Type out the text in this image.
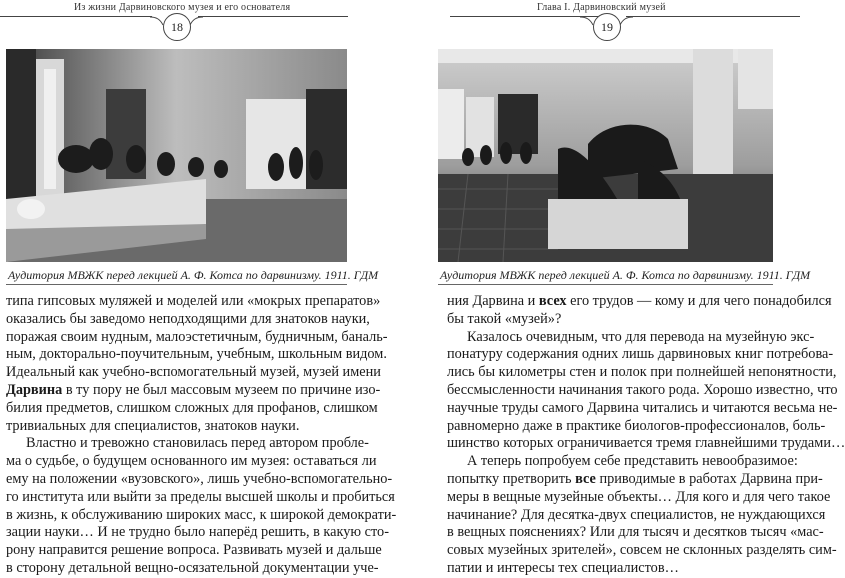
Из жизни Дарвиновского музея и его основателя
18
Аудитория МВЖК перед лекцией А. Ф. Котса по дарвинизму. 1911. ГДМ
типа гипсовых муляжей и моделей или «мокрых препаратов»
оказались бы заведомо неподходящими для знатоков науки,
поражая своим нудным, малоэстетичным, будничным, баналь-
ным, докторально-поучительным, учебным, школьным видом.
Идеальный как учебно-вспомогательный музей, музей имени
Дарвина в ту пору не был массовым музеем по причине изо-
билия предметов, слишком сложных для профанов, слишком
тривиальных для специалистов, знатоков науки.
Властно и тревожно становилась перед автором пробле-
ма о судьбе, о будущем основанного им музея: оставаться ли
ему на положении «вузовского», лишь учебно-вспомогательно-
го института или выйти за пределы высшей школы и пробиться
в жизнь, к обслуживанию широких масс, к широкой демократи-
зации науки… И не трудно было наперёд решить, в какую сто-
рону направится решение вопроса. Развивать музей и дальше
в сторону детальной вещно-осязательной документации уче-
Глава I. Дарвиновский музей
19
Аудитория МВЖК перед лекцией А. Ф. Котса по дарвинизму. 1911. ГДМ
ния Дарвина и всех его трудов — кому и для чего понадобился
бы такой «музей»?
Казалось очевидным, что для перевода на музейную экс-
понатуру содержания одних лишь дарвиновых книг потребова-
лись бы километры стен и полок при полнейшей непонятности,
бессмысленности начинания такого рода. Хорошо известно, что
научные труды самого Дарвина читались и читаются весьма не-
равномерно даже в практике биологов-профессионалов, боль-
шинство которых ограничивается тремя главнейшими трудами…
А теперь попробуем себе представить невообразимое:
попытку претворить все приводимые в работах Дарвина при-
меры в вещные музейные объекты… Для кого и для чего такое
начинание? Для десятка-двух специалистов, не нуждающихся
в вещных пояснениях? Или для тысяч и десятков тысяч «мас-
совых музейных зрителей», совсем не склонных разделять сим-
патии и интересы тех специалистов…
